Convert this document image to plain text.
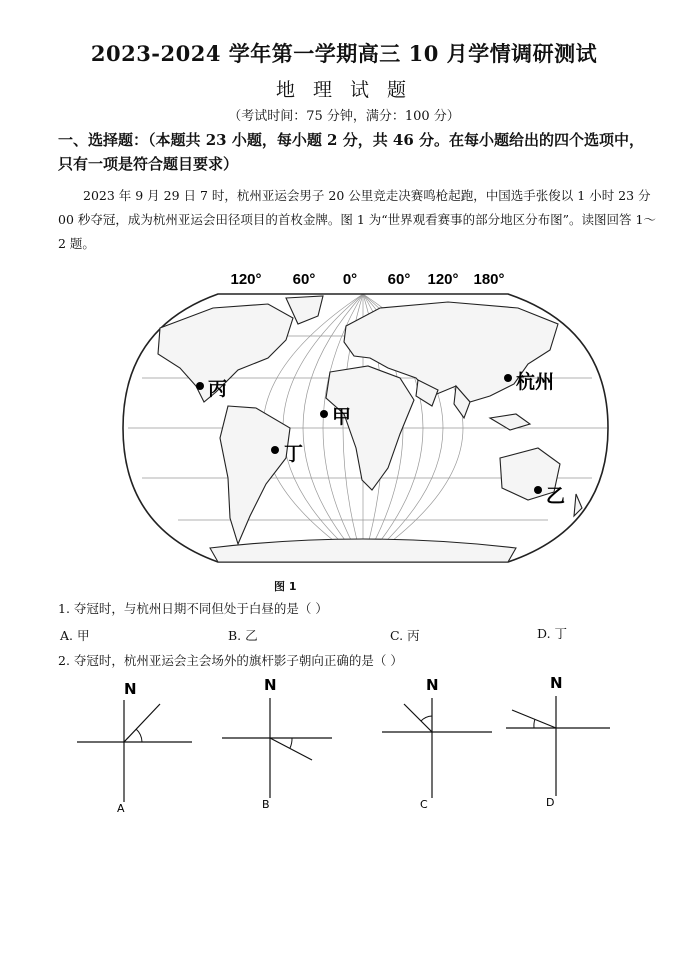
2023-2024 学年第一学期高三 10 月学情调研测试
地 理 试 题
（考试时间：75 分钟，满分：100 分）
一、选择题：（本题共 23 小题，每小题 2 分，共 46 分。在每小题给出的四个选项中，只有一项是符合题目要求）
2023 年 9 月 29 日 7 时，杭州亚运会男子 20 公里竞走决赛鸣枪起跑，中国选手张俊以 1 小时 23 分 00 秒夺冠，成为杭州亚运会田径项目的首枚金牌。图 1 为“世界观看赛事的部分地区分布图”。读图回答 1～2 题。
120° 60° 0° 60° 120° 180°
丙
甲
丁
杭州
乙
图 1
1. 夺冠时，与杭州日期不同但处于白昼的是（ ）
A. 甲	B. 乙	C. 丙	D. 丁
2. 夺冠时，杭州亚运会主会场外的旗杆影子朝向正确的是（ ）
N
A
N
B
N
C
N
D
